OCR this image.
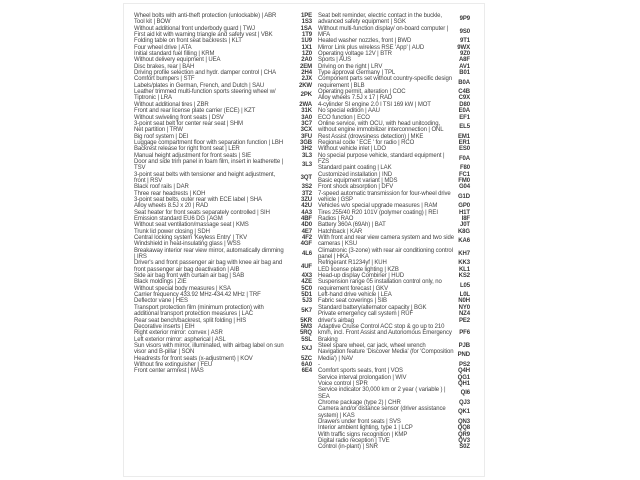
Wheel bolts with anti-theft protection (unlockable) | ABR	1PE
Tool kit | BOW	1S3
Without additional front underbody guard | TWJ	1SA
First aid kit with warning triangle and safety vest | VBK	1T9
Folding table on front seat backrests | KLT	1U9
Four wheel drive | ATA	1X1
Initial standard fuel filling | KRM	1Z0
Without delivery equipment | UEA	2A0
Disc brakes, rear | BAH	2EM
Driving profile selection and hydr. damper control | CHA	2H4
Comfort bumpers | STF	2JX
Labels/plates in German, French, and Dutch | SAU	2KW
Leather trimmed multi-function sports steering wheel w/ Tiptronic | LRA
2PK
Without additional tires | ZBR	2WA
Front and rear license plate carrier (ECE) | KZT	31K
Without swiveling front seats | DSV	3A0
3-point seat belt for center rear seat | SHM	3C7
Net partition | TRW	3CX
Big roof system | DEI	3FU
Luggage compartment floor with separation function | LBH	3GB
Backrest release for right front seat | LER	3H2
Manual height adjustment for front seats | SIE	3L3
Door and side trim panel in foam film, insert in leatherette | TSV
3L3
3-point seat belts with tensioner and height adjustment, front | RSV
3QT
Black roof rails | DAR	3S2
Three rear headrests | KOH	3T2
3-point seat belts, outer rear with ECE label | SHA	3ZU
Alloy wheels 8.5J x 20 | RAD	42U
Seat heater for front seats separately controlled | SIH	4A3
Emission standard EU6 DG | AGM	4BF
Without seat ventilation/massage seat | KMS	4D0
Trunk lid power closing | SDH	4E7
Central locking system 'Keyless Entry' | TKV	4F2
Windshield in heat-insulating glass | WSS	4GF
Breakaway interior rear view mirror, automatically dimming | IRS
4L6
Driver's and front passenger air bag with knee air bag and front passenger air bag deactivation | AIB
4UF
Side air bag front with curtain air bag | SAB	4X3
Black moldings | ZIE	4ZE
Without special body measures | KSA	5C0
Carrier frequency 433.92 MHz-434.42 MHz | TRF	5D1
Deflector vane | HES	5J3
Transport protection film (minimum protection) with additional transport protection measures | LAC
5K7
Rear seat bench/backrest, split folding | HIS	5KR
Decorative inserts | EIH	5M3
Right exterior mirror: convex | ASR	5RQ
Left exterior mirror: aspherical | ASL	5SL
Sun visors with mirror, illuminated, with airbag label on sun visor and B-pillar | SON
5XJ
Headrests for front seats (x-adjustment) | KOV	5ZC
Without fire extinguisher | FEU	6A0
Front center armrest | MAS	6E4
Seat belt reminder, electric contact in the buckle, advanced safety equipment | SGK
9P9
Without multi-function display/ on-board computer | MFA
9S0
Heated washer nozzles, front | BWD	9T1
Mirror Link plus wireless RSE 'App' | AUD	9WX
Operating voltage 12V | BTR	9Z0
Sports | AUS	A8F
Driving on the right | LRV	AV1
Type approval Germany | TPL	B01
Component parts set without country-specific design requirement | BLB
B0A
Operating permit, alteration | COC	C4B
Alloy wheels 7.5J x 17 | RAD	C9X
4-cylinder SI engine 2.0 l TSI 169 kW | MOT	D80
No special edition | AAU	E0A
ECO function | ECO	EF1
Online service, with OCU, with head unitcoding, without engine immobilizer interconnection | ONL
EL5
Rest Assist (drowsiness detection) | MKE	EM1
Regional code ' ECE ' for radio | RCO	ER1
Without vehicle inlet | LDO	ES0
No special purpose vehicle, standard equipment | FZS
F0A
Standard paint coating | LAK	F80
Customized installation | IND	FC1
Basic equipment variant | MDS	FM0
Front shock absorption | DFV	G04
7-speed automatic transmission for four-wheel drive vehicle | GSP
G1D
Vehicles w/o special upgrade measures | RAM	GP0
Tires 255/40 R20 101V (polymer coating) | REI	H1T
Radios | RAO	I8F
Battery 360A (69Ah) | BAT	J0T
Hatchback | KAR	K8G
With front and rear view camera system and two side cameras | KSU
KA6
Climatronic (3-zone) with rear air conditioning control panel | HKA
KH7
Refrigerant R1234yf | KUH	KK3
LED license plate lighting | KZB	KL1
Head-up display Combiner | HUD	KS2
Suspension range 05 installation control only, no requirement forecast | GKV
L05
Left-hand drive vehicle | LEA	L0L
Fabric seat coverings | SIB	N0H
Standard battery/alternator capacity | BGK	NY0
Private emergency call system | RUF	NZ4
driver's airbag	PE2
Adaptive Cruise Control ACC stop & go up to 210 km/h, incl. Front Assist and Autonomous Emergency Braking
PF6
Steel spare wheel, car jack, wheel wrench	PJB
Navigation feature 'Discover Media' (for 'Composition Media') | NAV
PND
-	PS2
Comfort sports seats, front | VOS	Q4H
Service interval prolongation | WIV	QG1
Voice control | SPR	QH1
Service indicator 30,000 km or 2 year ( variable ) | SEA
QI6
Chrome package (type 2) | CHR	QJ3
Camera and/or distance sensor (driver assistance system) | KAS
QK1
Drawers under front seats | SVS	QN3
Interior ambient lighting, type 1 | LCP	QQ8
With traffic signs recognition | KMP	QR9
Digital radio reception | TVE	QV3
Control (in-plant) | SNR	S0Z
